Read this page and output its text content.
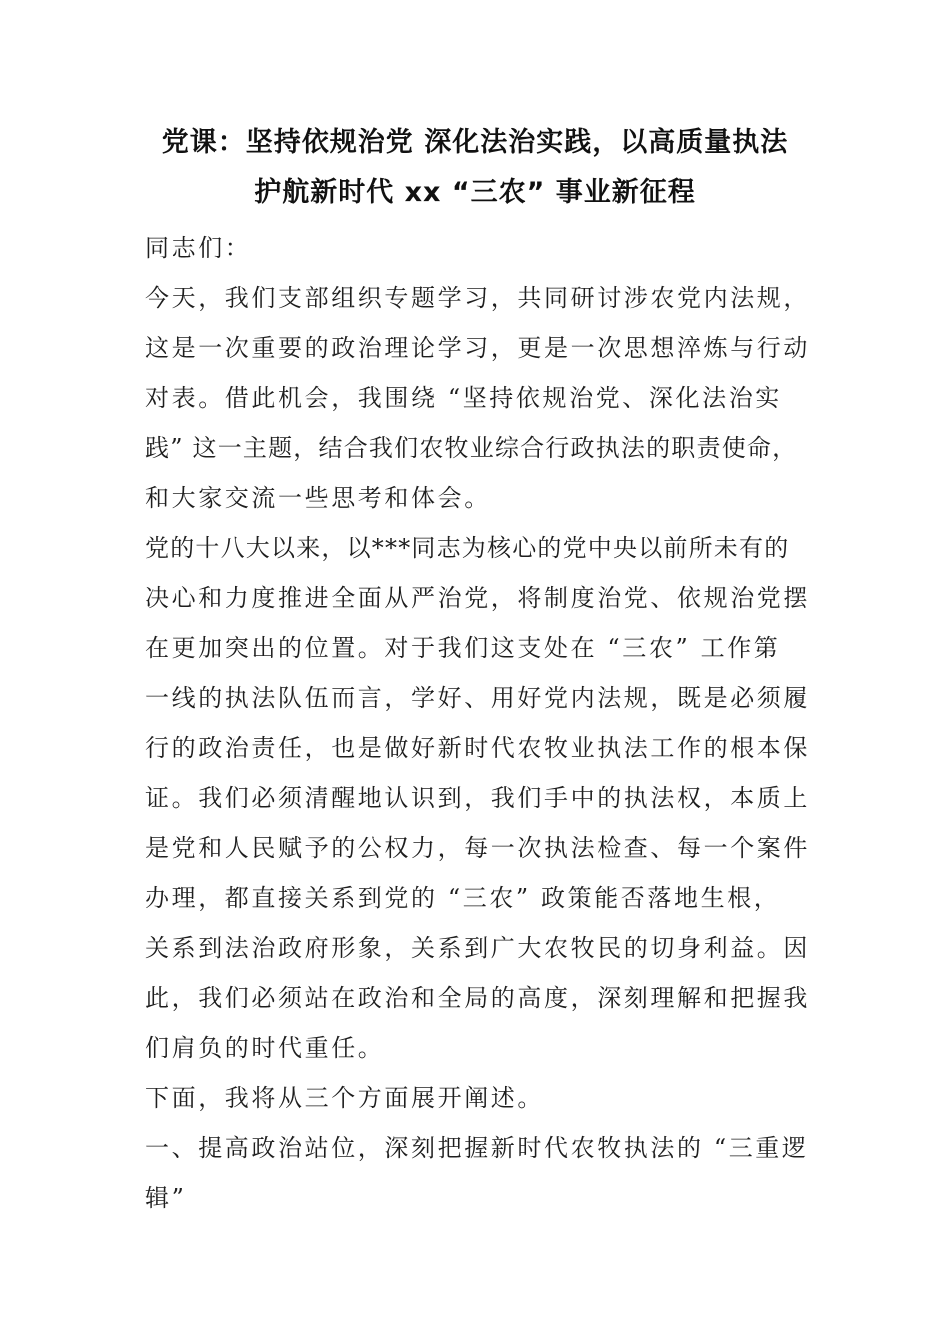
党课：坚持依规治党 深化法治实践，以高质量执法
护航新时代 xx “三农” 事业新征程
同志们：
今天，我们支部组织专题学习，共同研讨涉农党内法规，
这是一次重要的政治理论学习，更是一次思想淬炼与行动
对表。借此机会，我围绕 “坚持依规治党、深化法治实
践” 这一主题，结合我们农牧业综合行政执法的职责使命，
和大家交流一些思考和体会。
党的十八大以来，以***同志为核心的党中央以前所未有的
决心和力度推进全面从严治党，将制度治党、依规治党摆
在更加突出的位置。对于我们这支处在 “三农” 工作第
一线的执法队伍而言，学好、用好党内法规，既是必须履
行的政治责任，也是做好新时代农牧业执法工作的根本保
证。我们必须清醒地认识到，我们手中的执法权，本质上
是党和人民赋予的公权力，每一次执法检查、每一个案件
办理，都直接关系到党的 “三农” 政策能否落地生根，
关系到法治政府形象，关系到广大农牧民的切身利益。因
此，我们必须站在政治和全局的高度，深刻理解和把握我
们肩负的时代重任。
下面，我将从三个方面展开阐述。
一、提高政治站位，深刻把握新时代农牧执法的 “三重逻
辑”
